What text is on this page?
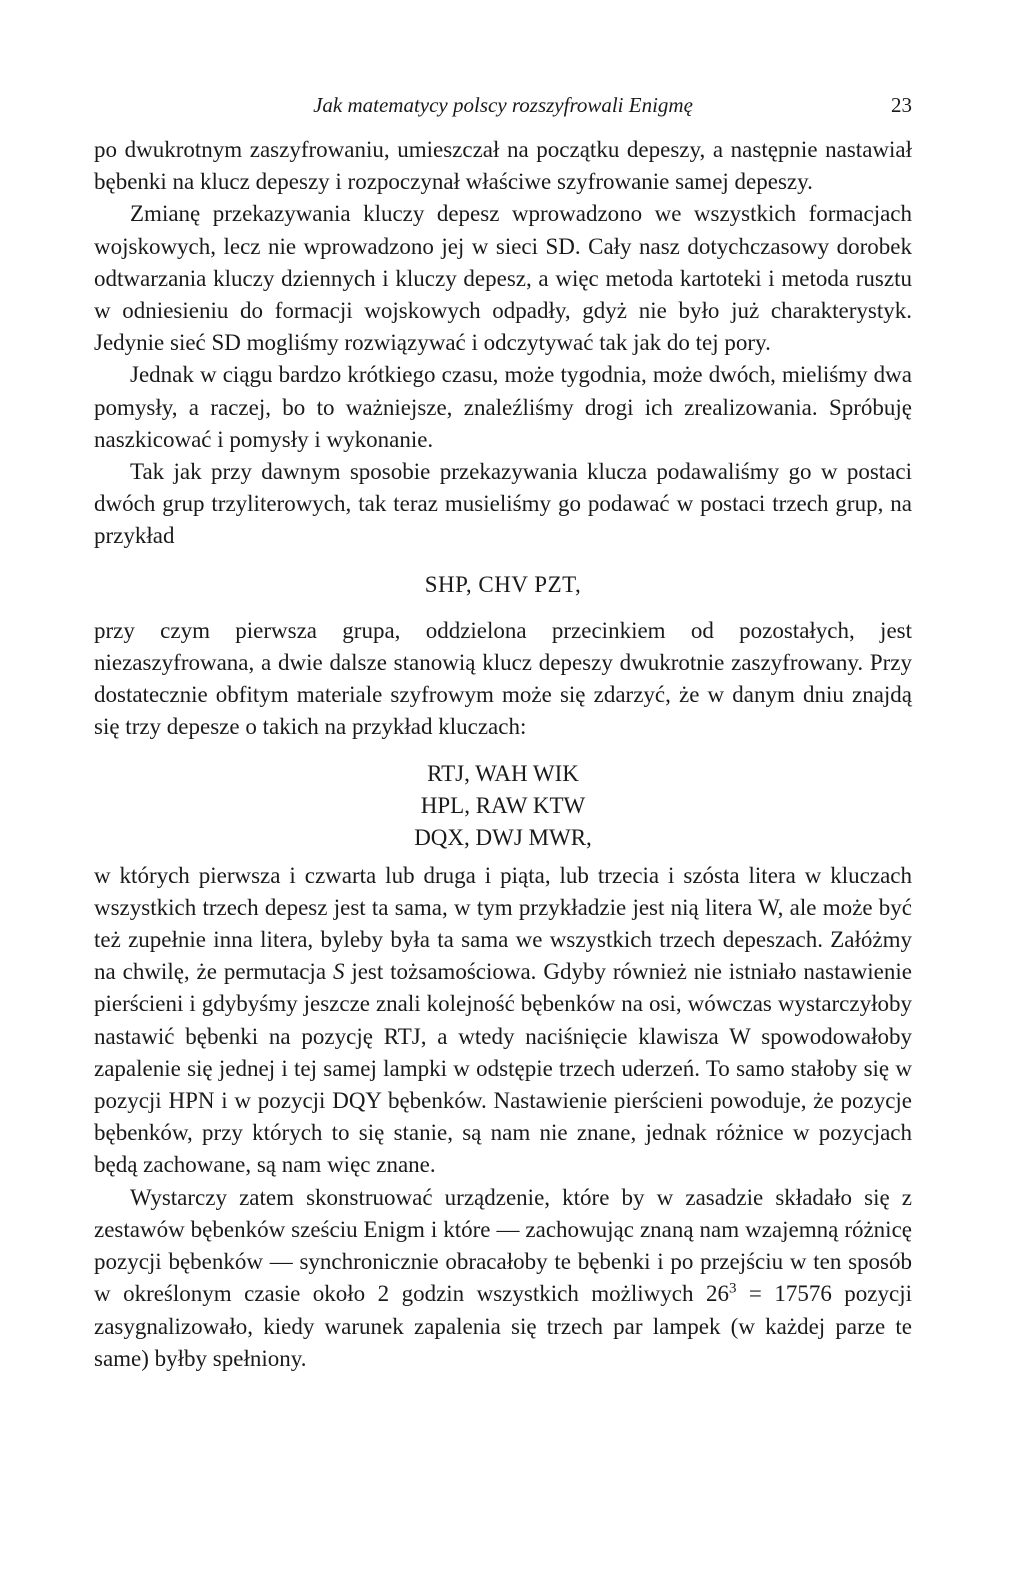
Jak matematycy polscy rozszyfrowali Enigmę	23

po dwukrotnym zaszyfrowaniu, umieszczał na początku depeszy, a następnie nastawiał bębenki na klucz depeszy i rozpoczynał właściwe szyfrowanie samej depeszy.

Zmianę przekazywania kluczy depesz wprowadzono we wszystkich formacjach wojskowych, lecz nie wprowadzono jej w sieci SD. Cały nasz dotychczasowy dorobek odtwarzania kluczy dziennych i kluczy depesz, a więc metoda kartoteki i metoda rusztu w odniesieniu do formacji wojskowych odpadły, gdyż nie było już charakterystyk. Jedynie sieć SD mogliśmy rozwiązywać i odczytywać tak jak do tej pory.

Jednak w ciągu bardzo krótkiego czasu, może tygodnia, może dwóch, mieliśmy dwa pomysły, a raczej, bo to ważniejsze, znaleźliśmy drogi ich zrealizowania. Spróbuję naszkicować i pomysły i wykonanie.

Tak jak przy dawnym sposobie przekazywania klucza podawaliśmy go w postaci dwóch grup trzyliterowych, tak teraz musieliśmy go podawać w postaci trzech grup, na przykład

SHP, CHV PZT,

przy czym pierwsza grupa, oddzielona przecinkiem od pozostałych, jest niezaszyfrowana, a dwie dalsze stanowią klucz depeszy dwukrotnie zaszyfrowany. Przy dostatecznie obfitym materiale szyfrowym może się zdarzyć, że w danym dniu znajdą się trzy depesze o takich na przykład kluczach:

RTJ, WAH WIK
HPL, RAW KTW
DQX, DWJ MWR,

w których pierwsza i czwarta lub druga i piąta, lub trzecia i szósta litera w kluczach wszystkich trzech depesz jest ta sama, w tym przykładzie jest nią litera W, ale może być też zupełnie inna litera, byleby była ta sama we wszystkich trzech depeszach. Załóżmy na chwilę, że permutacja S jest tożsamościowa. Gdyby również nie istniało nastawienie pierścieni i gdybyśmy jeszcze znali kolejność bębenków na osi, wówczas wystarczyłoby nastawić bębenki na pozycję RTJ, a wtedy naciśnięcie klawisza W spowodowałoby zapalenie się jednej i tej samej lampki w odstępie trzech uderzeń. To samo stałoby się w pozycji HPN i w pozycji DQY bębenków. Nastawienie pierścieni powoduje, że pozycje bębenków, przy których to się stanie, są nam nie znane, jednak różnice w pozycjach będą zachowane, są nam więc znane.

Wystarczy zatem skonstruować urządzenie, które by w zasadzie składało się z zestawów bębenków sześciu Enigm i które — zachowując znaną nam wzajemną różnicę pozycji bębenków — synchronicznie obracałoby te bębenki i po przejściu w ten sposób w określonym czasie około 2 godzin wszystkich możliwych $26^3 = 17576$ pozycji zasygnalizowało, kiedy warunek zapalenia się trzech par lampek (w każdej parze te same) byłby spełniony.
